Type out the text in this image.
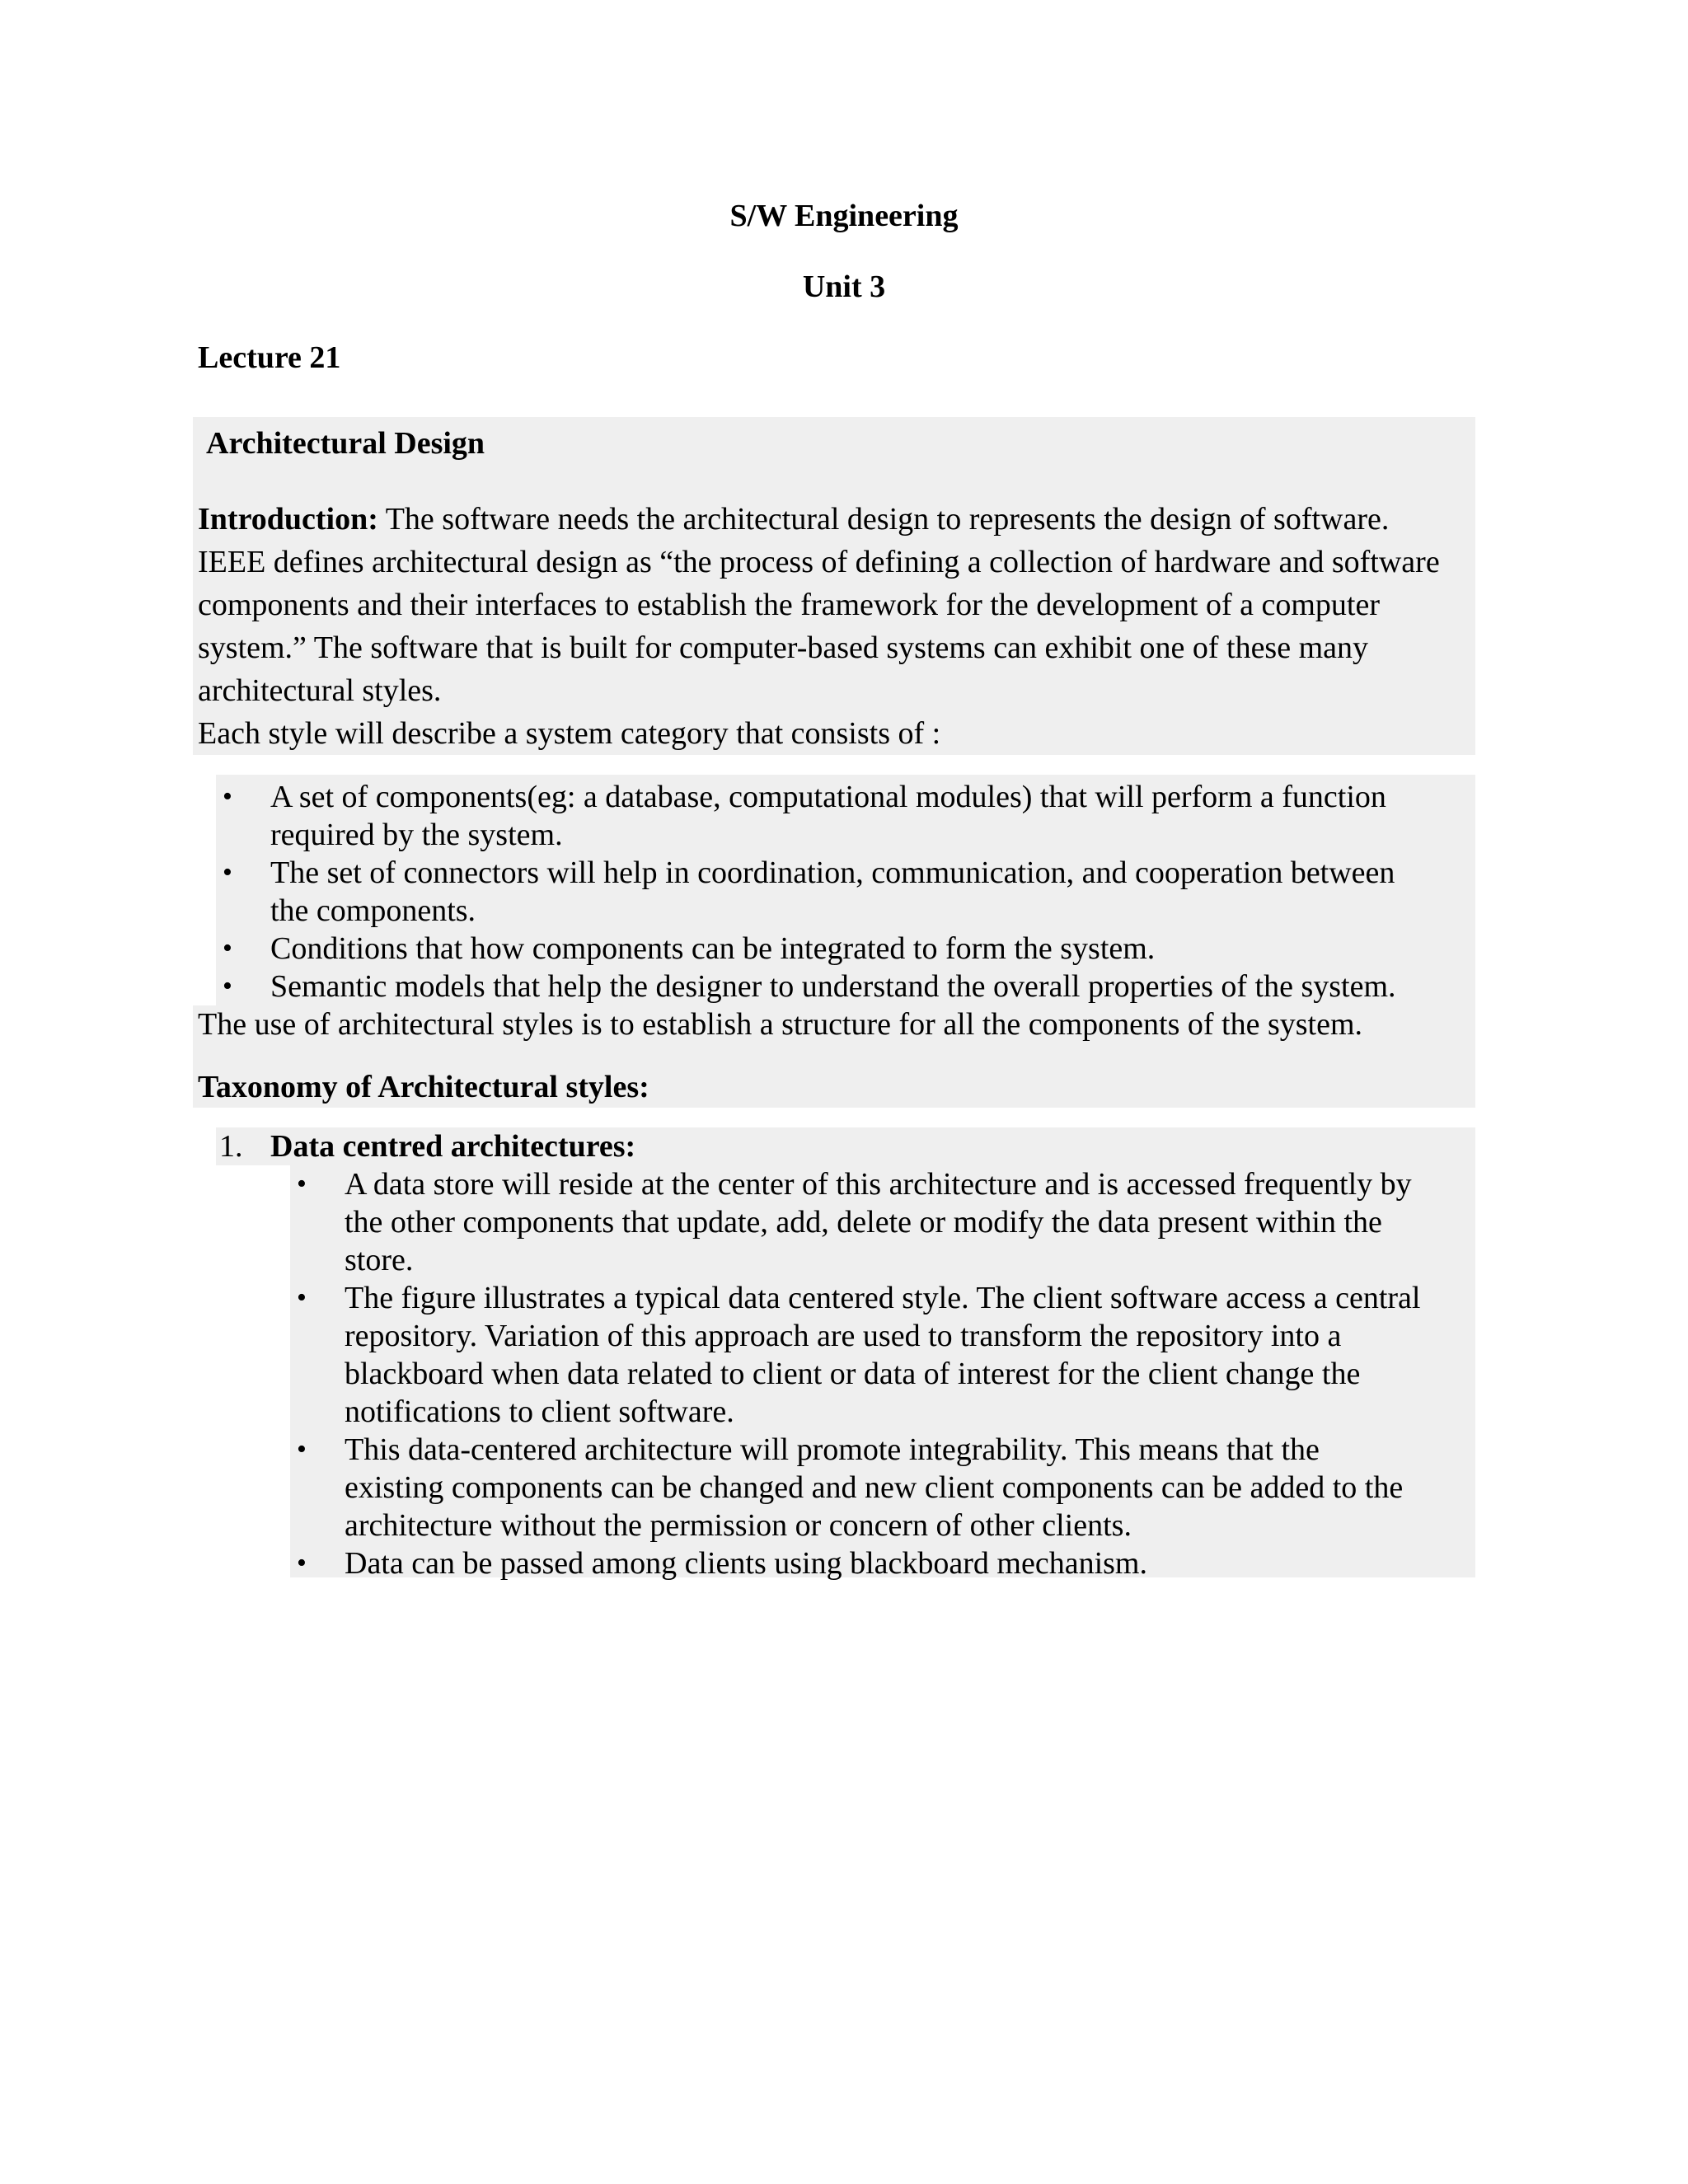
S/W Engineering
Unit 3
Lecture 21
Architectural Design
Introduction: The software needs the architectural design to represents the design of software.
IEEE defines architectural design as “the process of defining a collection of hardware and software
components and their interfaces to establish the framework for the development of a computer
system.” The software that is built for computer-based systems can exhibit one of these many
architectural styles.
Each style will describe a system category that consists of :
• A set of components(eg: a database, computational modules) that will perform a function
required by the system.
• The set of connectors will help in coordination, communication, and cooperation between
the components.
• Conditions that how components can be integrated to form the system.
• Semantic models that help the designer to understand the overall properties of the system.
The use of architectural styles is to establish a structure for all the components of the system.
Taxonomy of Architectural styles:
1. Data centred architectures:
• A data store will reside at the center of this architecture and is accessed frequently by
the other components that update, add, delete or modify the data present within the
store.
• The figure illustrates a typical data centered style. The client software access a central
repository. Variation of this approach are used to transform the repository into a
blackboard when data related to client or data of interest for the client change the
notifications to client software.
• This data-centered architecture will promote integrability. This means that the
existing components can be changed and new client components can be added to the
architecture without the permission or concern of other clients.
• Data can be passed among clients using blackboard mechanism.
